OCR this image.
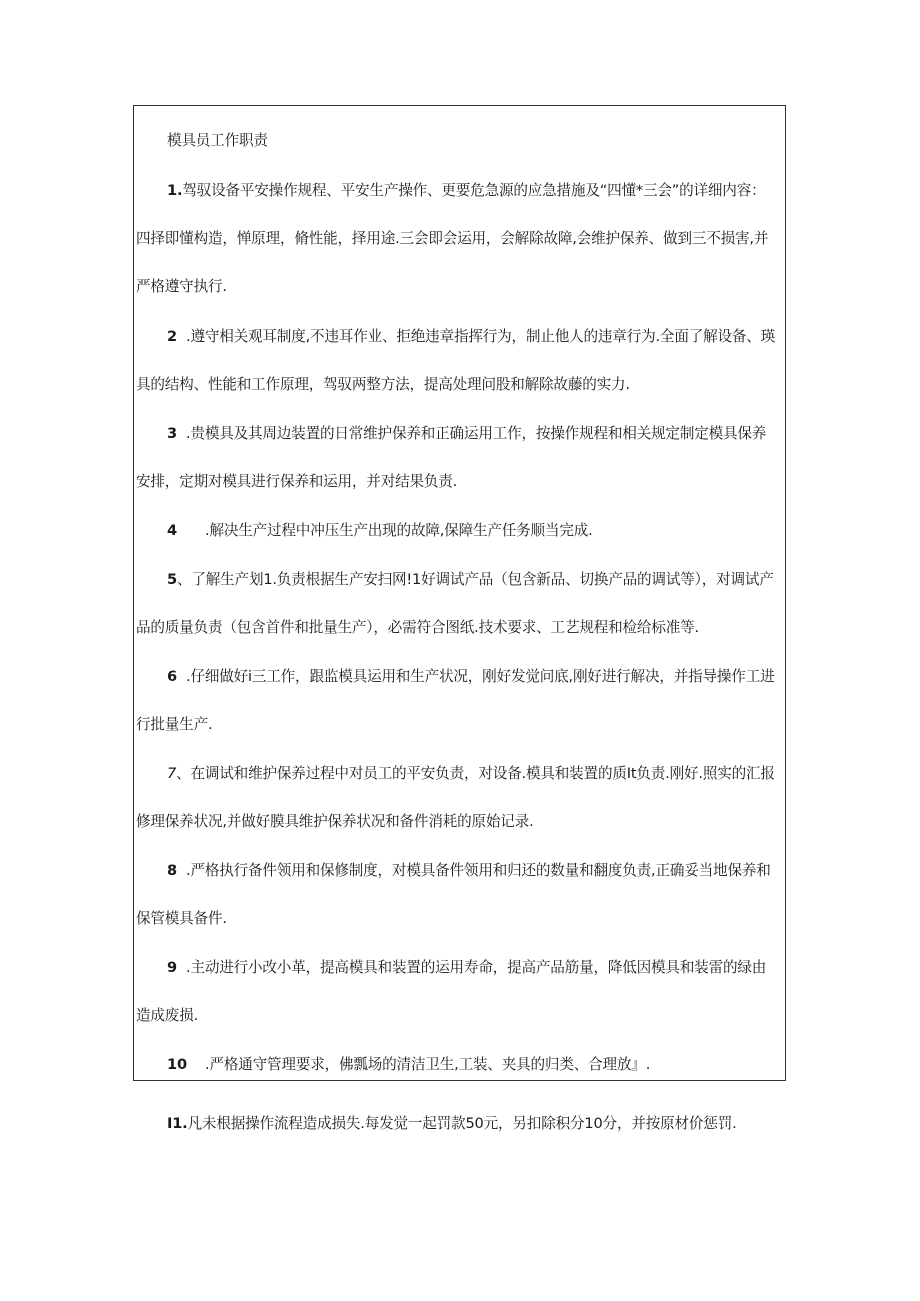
模具员工作职责
1.驾驭设备平安操作规程、平安生产操作、更要危急源的应急措施及“四懂*三会”的详细内容：
四择即懂构造，惮原理，脩性能，择用途.三会即会运用，会解除故障,会维护保养、做到三不损害,并
严格遵守执行.
2 .遵守相关观耳制度,不违耳作业、拒绝违章指挥行为，制止他人的违章行为.全面了解设备、瑛
具的结构、性能和工作原理，驾驭两整方法，提高处理问股和解除故藤的实力.
3 .贵模具及其周边装置的日常维护保养和正确运用工作，按操作规程和相关规定制定模具保养
安排，定期对模具进行保养和运用，并对结果负责.
4 .解决生产过程中冲压生产出现的故障,保障生产任务顺当完成.
5、了解生产划1.负责根据生产安扫网!1好调试产品（包含新品、切换产品的调试等），对调试产
品的质量负责（包含首件和批量生产），必需符合图纸.技术要求、工艺规程和检给标准等.
6 .仔细做好i三工作，跟监模具运用和生产状况，刚好发觉问底,刚好进行解决，并指导操作工进
行批量生产.
7、在调试和维护保养过程中对员工的平安负责，对设备.模具和装置的质It负责.刚好.照实的汇报
修理保养状况,并做好膜具维护保养状况和备件消耗的原始记录.
8 .严格执行备件领用和保修制度，对模具备件领用和归还的数量和翻度负责,正确妥当地保养和
保管模具备件.
9 .主动进行小改小革，提高模具和装置的运用寿命，提高产品筋量，降低因模具和装雷的绿由
造成废损.
10 .严格通守管理要求，佛瓢场的清洁卫生,工装、夹具的归类、合理放』.
I1.凡未根据操作流程造成损失.每发觉一起罚款50元，另扣除积分10分，并按原材价惩罚.
